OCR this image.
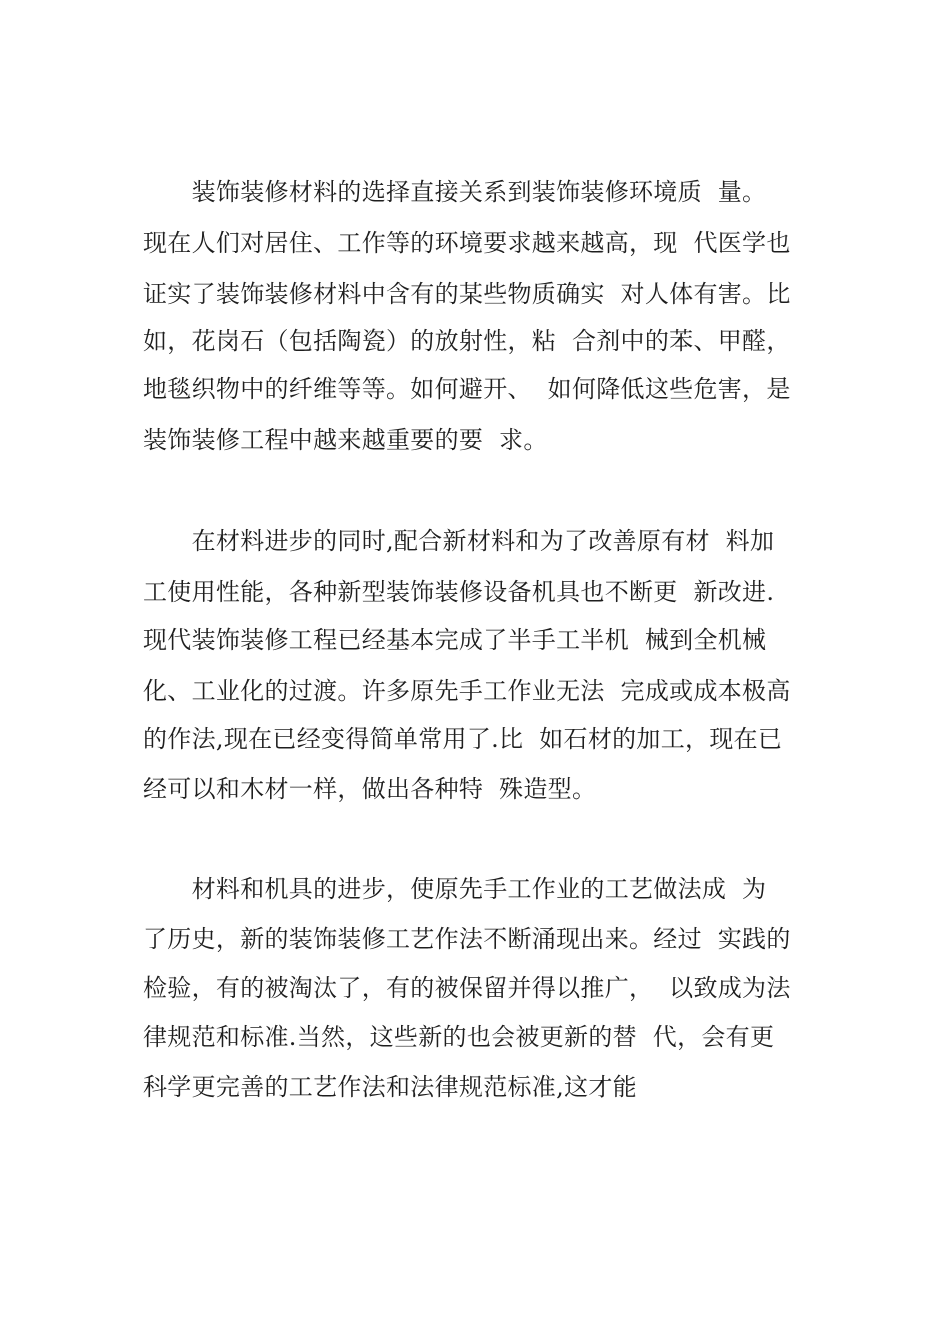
　　装饰装修材料的选择直接关系到装饰装修环境质  量。
现在人们对居住、工作等的环境要求越来越高，现  代医学也
证实了装饰装修材料中含有的某些物质确实  对人体有害。比
如，花岗石（包括陶瓷）的放射性，粘  合剂中的苯、甲醛，
地毯织物中的纤维等等。如何避开、  如何降低这些危害，是
装饰装修工程中越来越重要的要  求。
　　在材料进步的同时,配合新材料和为了改善原有材  料加
工使用性能，各种新型装饰装修设备机具也不断更  新改进.
现代装饰装修工程已经基本完成了半手工半机  械到全机械
化、工业化的过渡。许多原先手工作业无法  完成或成本极高
的作法,现在已经变得简单常用了.比  如石材的加工，现在已
经可以和木材一样，做出各种特  殊造型。
　　材料和机具的进步，使原先手工作业的工艺做法成  为
了历史，新的装饰装修工艺作法不断涌现出来。经过  实践的
检验，有的被淘汰了，有的被保留并得以推广，  以致成为法
律规范和标准.当然，这些新的也会被更新的替  代，会有更
科学更完善的工艺作法和法律规范标准,这才能
